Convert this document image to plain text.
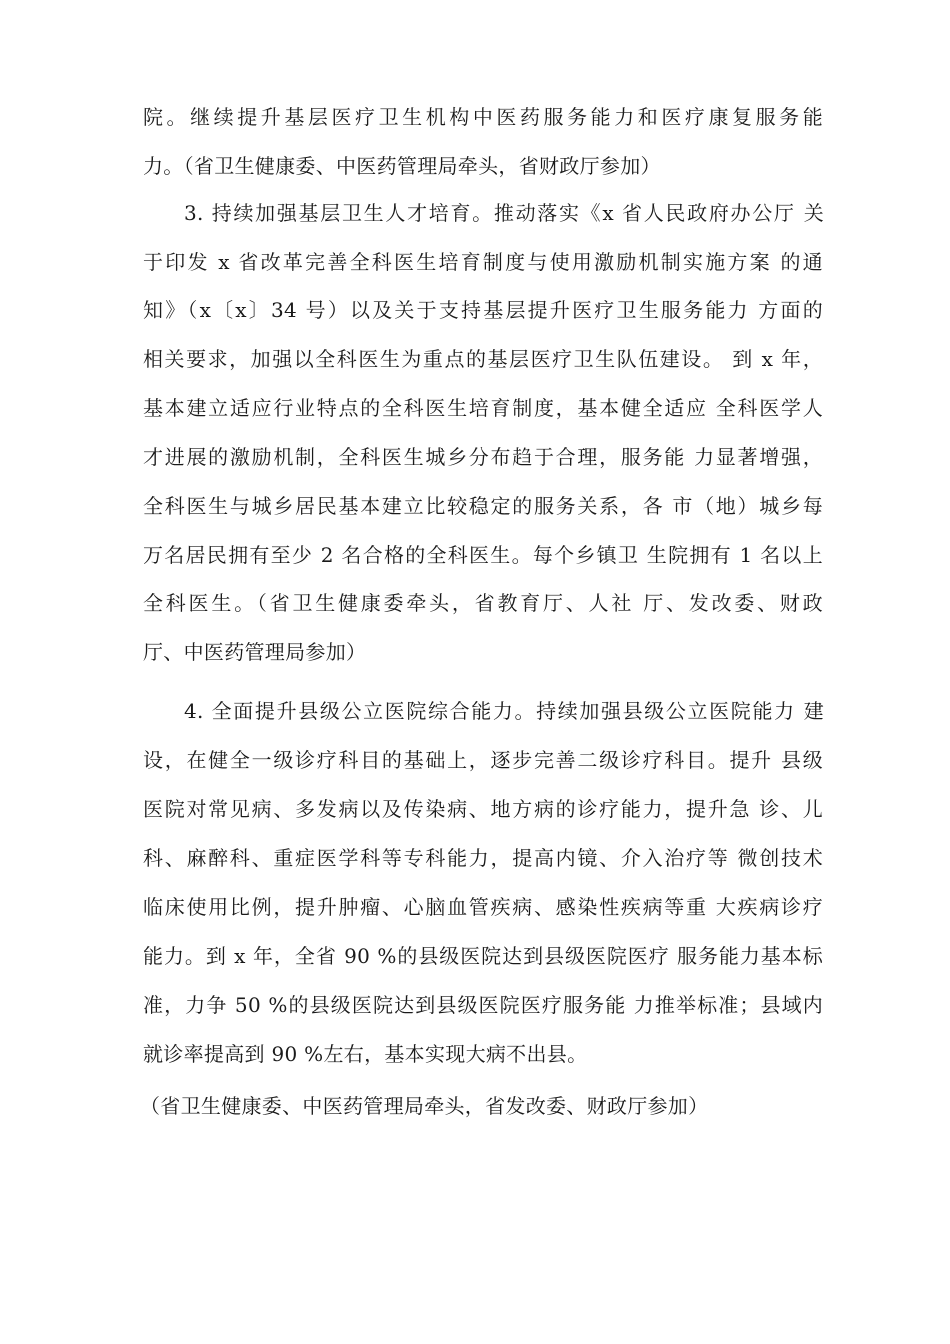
院。继续提升基层医疗卫生机构中医药服务能力和医疗康复服务能
力。（省卫生健康委、中医药管理局牵头，省财政厅参加）
3. 持续加强基层卫生人才培育。推动落实《x 省人民政府办公厅 关
于印发 x 省改革完善全科医生培育制度与使用激励机制实施方案 的通
知》（x〔x〕34 号）以及关于支持基层提升医疗卫生服务能力 方面的
相关要求，加强以全科医生为重点的基层医疗卫生队伍建设。 到 x 年，
基本建立适应行业特点的全科医生培育制度，基本健全适应 全科医学人
才进展的激励机制，全科医生城乡分布趋于合理，服务能 力显著增强，
全科医生与城乡居民基本建立比较稳定的服务关系，各 市（地）城乡每
万名居民拥有至少 2 名合格的全科医生。每个乡镇卫 生院拥有 1 名以上
全科医生。（省卫生健康委牵头，省教育厅、人社 厅、发改委、财政
厅、中医药管理局参加）
4. 全面提升县级公立医院综合能力。持续加强县级公立医院能力 建
设，在健全一级诊疗科目的基础上，逐步完善二级诊疗科目。提升 县级
医院对常见病、多发病以及传染病、地方病的诊疗能力，提升急 诊、儿
科、麻醉科、重症医学科等专科能力，提高内镜、介入治疗等 微创技术
临床使用比例，提升肿瘤、心脑血管疾病、感染性疾病等重 大疾病诊疗
能力。到 x 年，全省 90 %的县级医院达到县级医院医疗 服务能力基本标
准，力争 50 %的县级医院达到县级医院医疗服务能 力推举标准；县域内
就诊率提高到 90 %左右，基本实现大病不出县。
（省卫生健康委、中医药管理局牵头，省发改委、财政厅参加）
